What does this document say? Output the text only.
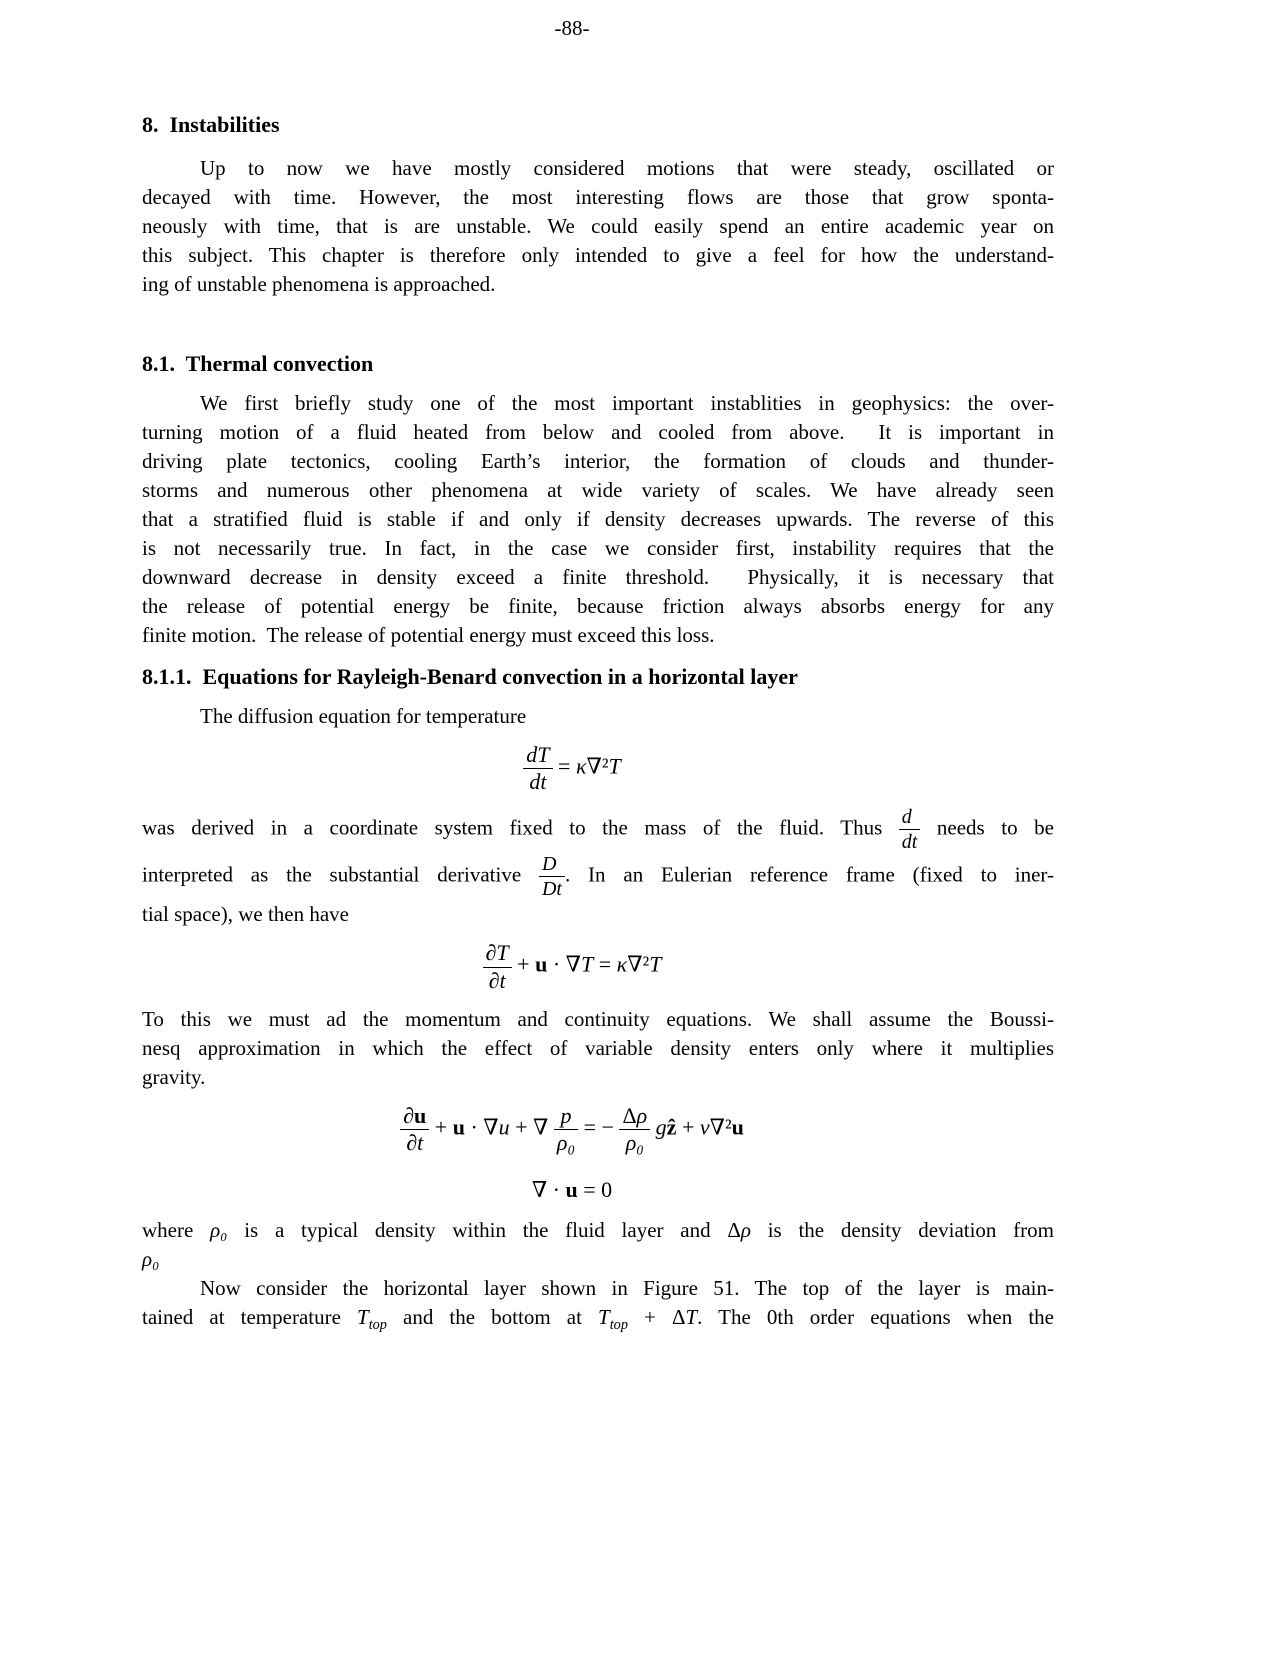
-88-
8.  Instabilities
Up to now we have mostly considered motions that were steady, oscillated or
decayed with time. However, the most interesting flows are those that grow sponta-
neously with time, that is are unstable. We could easily spend an entire academic year on
this subject. This chapter is therefore only intended to give a feel for how the understand-
ing of unstable phenomena is approached.
8.1.  Thermal convection
We first briefly study one of the most important instablities in geophysics: the over-
turning motion of a fluid heated from below and cooled from above.  It is important in
driving plate tectonics, cooling Earth’s interior, the formation of clouds and thunder-
storms and numerous other phenomena at wide variety of scales. We have already seen
that a stratified fluid is stable if and only if density decreases upwards. The reverse of this
is not necessarily true. In fact, in the case we consider first, instability requires that the
downward decrease in density exceed a finite threshold.  Physically, it is necessary that
the release of potential energy be finite, because friction always absorbs energy for any
finite motion.  The release of potential energy must exceed this loss.
8.1.1.  Equations for Rayleigh-Benard convection in a horizontal layer
The diffusion equation for temperature
$\frac{dT}{dt} = \kappa\nabla^2T$
was derived in a coordinate system fixed to the mass of the fluid. Thus $\frac{d}{dt}$ needs to be
interpreted as the substantial derivative $\frac{D}{Dt}$ . In an Eulerian reference frame (fixed to iner-
tial space), we then have
$\frac{\partial T}{\partial t} + u \cdot \nabla T = \kappa\nabla^2T$
To this we must ad the momentum and continuity equations. We shall assume the Boussi-
nesq approximation in which the effect of variable density enters only where it multiplies
gravity.
$\frac{\partial u}{\partial t} + u \cdot \nabla u$ + ∇ $\frac{p}{\text{ρ₀}}$ = − $\frac{\Delta\rho}{\text{ρ₀}}$ gẑ + ν∇²u
∇ · u = 0
where ρ₀ is a typical density within the fluid layer and Δρ is the density deviation from
ρ₀
Now consider the horizontal layer shown in Figure 51. The top of the layer is main-
tained at temperature $T_{top}$ and the bottom at $T_{top} + \Delta T$. The 0th order equations when the
